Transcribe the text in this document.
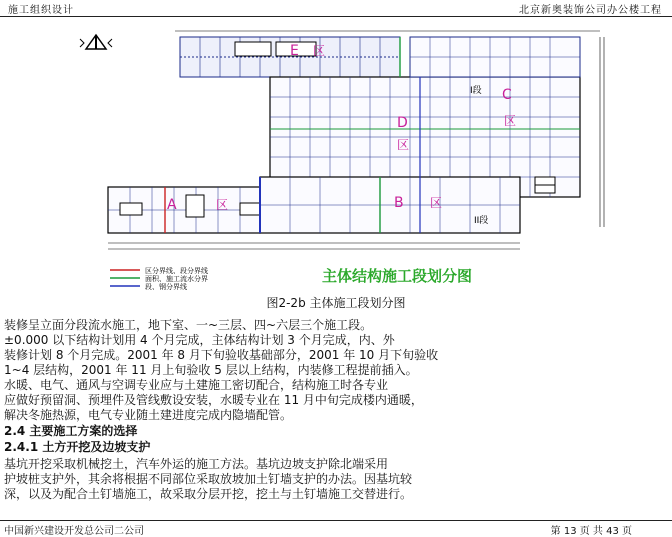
施工组织设计	北京新奥装饰公司办公楼工程
E 区
C
区
D
区
A	区	B 区
I段
II段
区分界线、段分界线
面积、施工流水分界
段、钢分界线
主体结构施工段划分图
图2-2b 主体施工段划分图
装修呈立面分段流水施工，地下室、一~三层、四~六层三个施工段。
±0.000 以下结构计划用 4 个月完成，主体结构计划 3 个月完成，内、外
装修计划 8 个月完成。2001 年 8 月下旬验收基础部分，2001 年 10 月下旬验收
1~4 层结构，2001 年 11 月上旬验收 5 层以上结构，内装修工程提前插入。
水暖、电气、通风与空调专业应与土建施工密切配合，结构施工时各专业
应做好预留洞、预埋件及管线敷设安装，水暖专业在 11 月中旬完成楼内通暖，
解决冬施热源，电气专业随土建进度完成内隐墙配管。
2.4 主要施工方案的选择
2.4.1 土方开挖及边坡支护
基坑开挖采取机械挖土，汽车外运的施工方法。基坑边坡支护除北端采用
护坡桩支护外，其余将根据不同部位采取放坡加土钉墙支护的办法。因基坑较
深，以及为配合土钉墙施工，故采取分层开挖，挖土与土钉墙施工交替进行。
中国新兴建设开发总公司二公司	第 13 页 共 43 页
